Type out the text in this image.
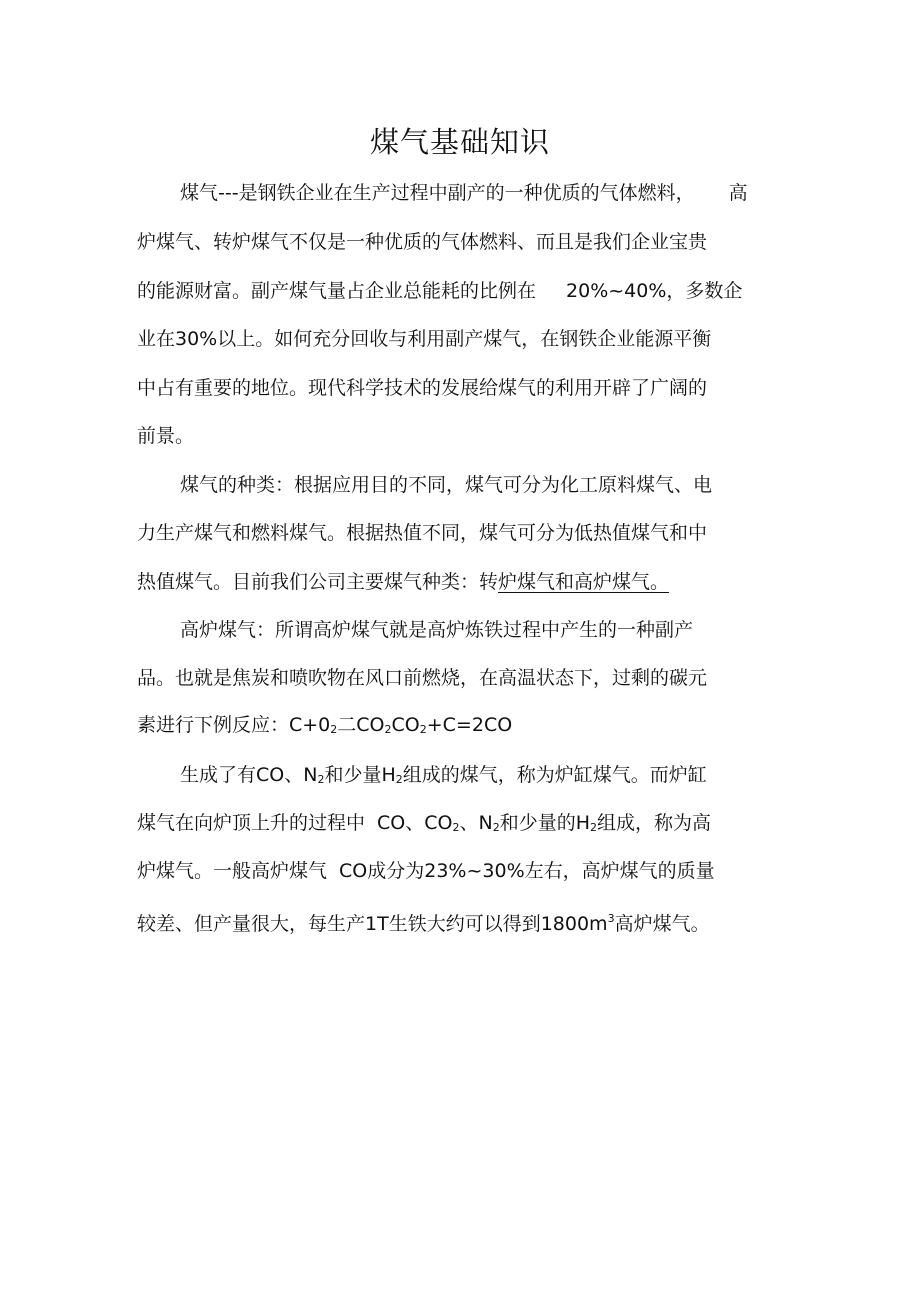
煤气基础知识
煤气---是钢铁企业在生产过程中副产的一种优质的气体燃料， 高
炉煤气、转炉煤气不仅是一种优质的气体燃料、而且是我们企业宝贵
的能源财富。副产煤气量占企业总能耗的比例在 20%~40%，多数企
业在30%以上。如何充分回收与利用副产煤气，在钢铁企业能源平衡
中占有重要的地位。现代科学技术的发展给煤气的利用开辟了广阔的
前景。
煤气的种类：根据应用目的不同，煤气可分为化工原料煤气、电
力生产煤气和燃料煤气。根据热值不同，煤气可分为低热值煤气和中
热值煤气。目前我们公司主要煤气种类：转炉煤气和高炉煤气。
高炉煤气：所谓高炉煤气就是高炉炼铁过程中产生的一种副产
品。也就是焦炭和喷吹物在风口前燃烧，在高温状态下，过剩的碳元
素进行下例反应：$C+0_2$二$CO_2CO_2+C=2CO$
生成了有CO、$N_2$和少量$H_2$组成的煤气，称为炉缸煤气。而炉缸
煤气在向炉顶上升的过程中 CO、$CO_2$、$N_2$和少量的$H_2$组成，称为高
炉煤气。一般高炉煤气 CO成分为23%~30%左右，高炉煤气的质量
较差、但产量很大，每生产1T生铁大约可以得到$1800m^3$高炉煤气。
